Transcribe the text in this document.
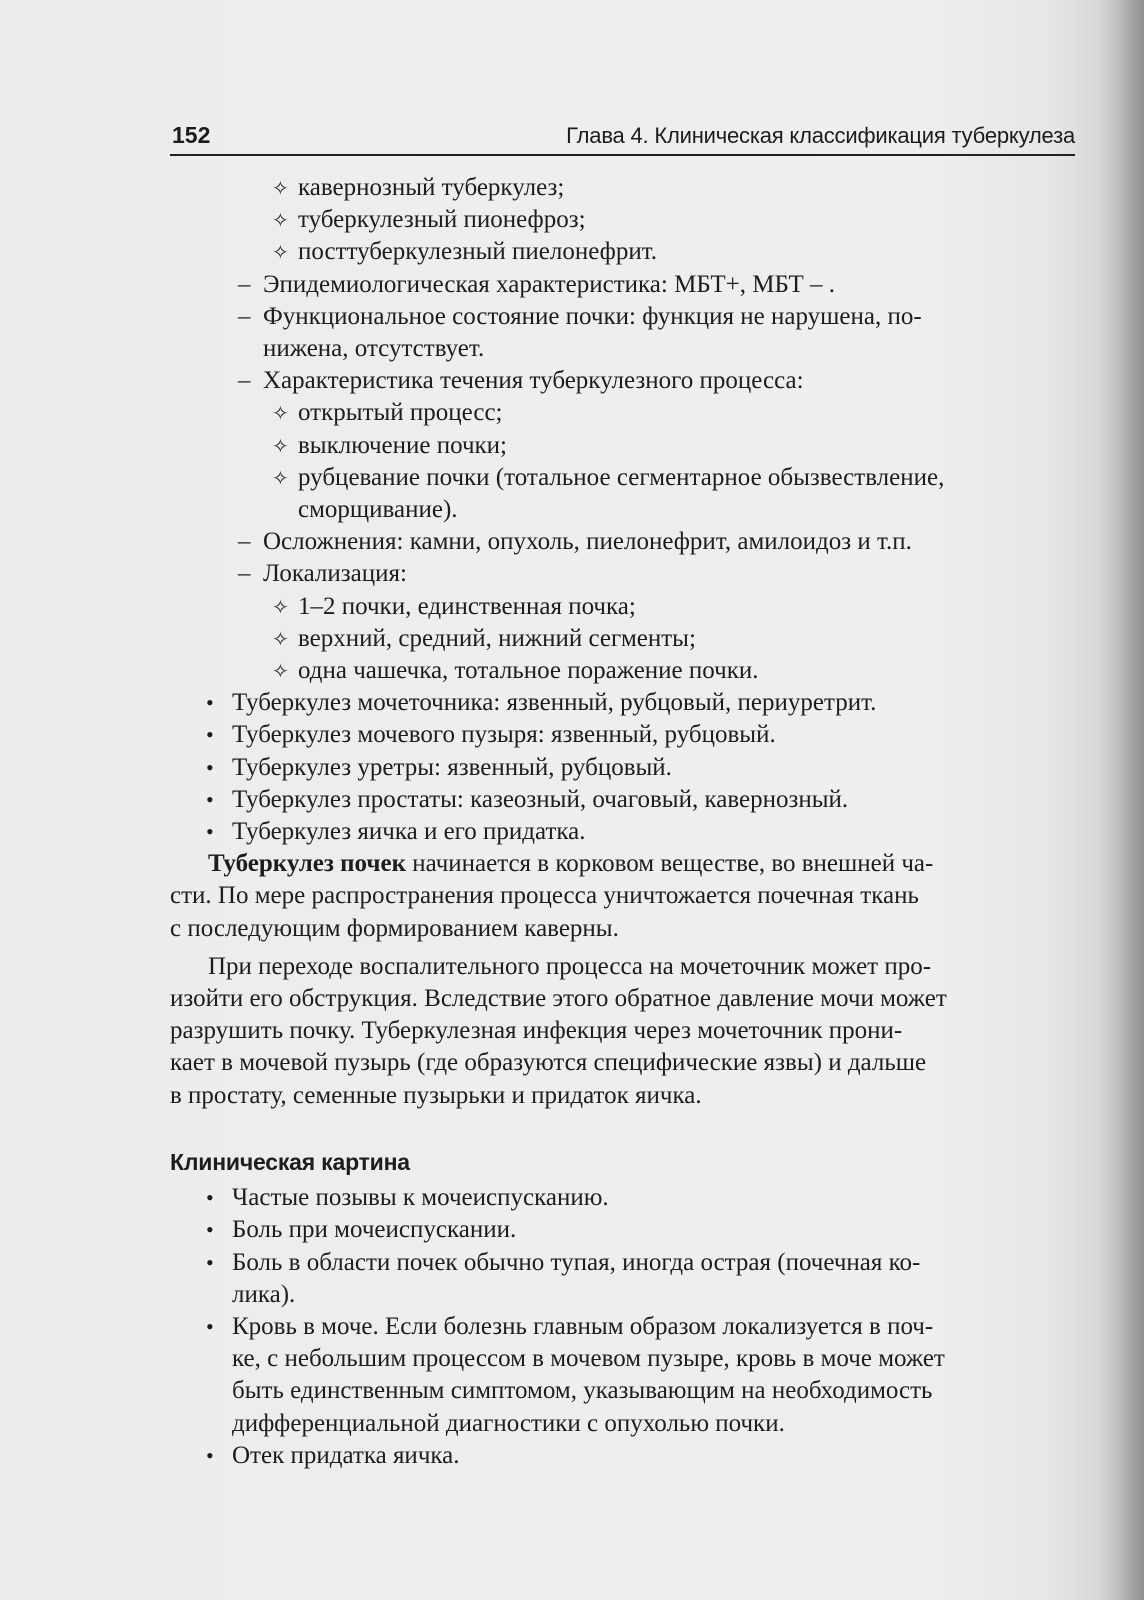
152	Глава 4. Клиническая классификация туберкулеза
✧ кавернозный туберкулез;
✧ туберкулезный пионефроз;
✧ посттуберкулезный пиелонефрит.
– Эпидемиологическая характеристика: МБТ+, МБТ – .
– Функциональное состояние почки: функция не нарушена, по-
нижена, отсутствует.
– Характеристика течения туберкулезного процесса:
✧ открытый процесс;
✧ выключение почки;
✧ рубцевание почки (тотальное сегментарное обызвествление,
сморщивание).
– Осложнения: камни, опухоль, пиелонефрит, амилоидоз и т.п.
– Локализация:
✧ 1–2 почки, единственная почка;
✧ верхний, средний, нижний сегменты;
✧ одна чашечка, тотальное поражение почки.
• Туберкулез мочеточника: язвенный, рубцовый, периуретрит.
• Туберкулез мочевого пузыря: язвенный, рубцовый.
• Туберкулез уретры: язвенный, рубцовый.
• Туберкулез простаты: казеозный, очаговый, кавернозный.
• Туберкулез яичка и его придатка.
Туберкулез почек начинается в корковом веществе, во внешней ча-
сти. По мере распространения процесса уничтожается почечная ткань
с последующим формированием каверны.
При переходе воспалительного процесса на мочеточник может про-
изойти его обструкция. Вследствие этого обратное давление мочи может
разрушить почку. Туберкулезная инфекция через мочеточник прони-
кает в мочевой пузырь (где образуются специфические язвы) и дальше
в простату, семенные пузырьки и придаток яичка.
Клиническая картина
• Частые позывы к мочеиспусканию.
• Боль при мочеиспускании.
• Боль в области почек обычно тупая, иногда острая (почечная ко-
лика).
• Кровь в моче. Если болезнь главным образом локализуется в поч-
ке, с небольшим процессом в мочевом пузыре, кровь в моче может
быть единственным симптомом, указывающим на необходимость
дифференциальной диагностики с опухолью почки.
• Отек придатка яичка.
